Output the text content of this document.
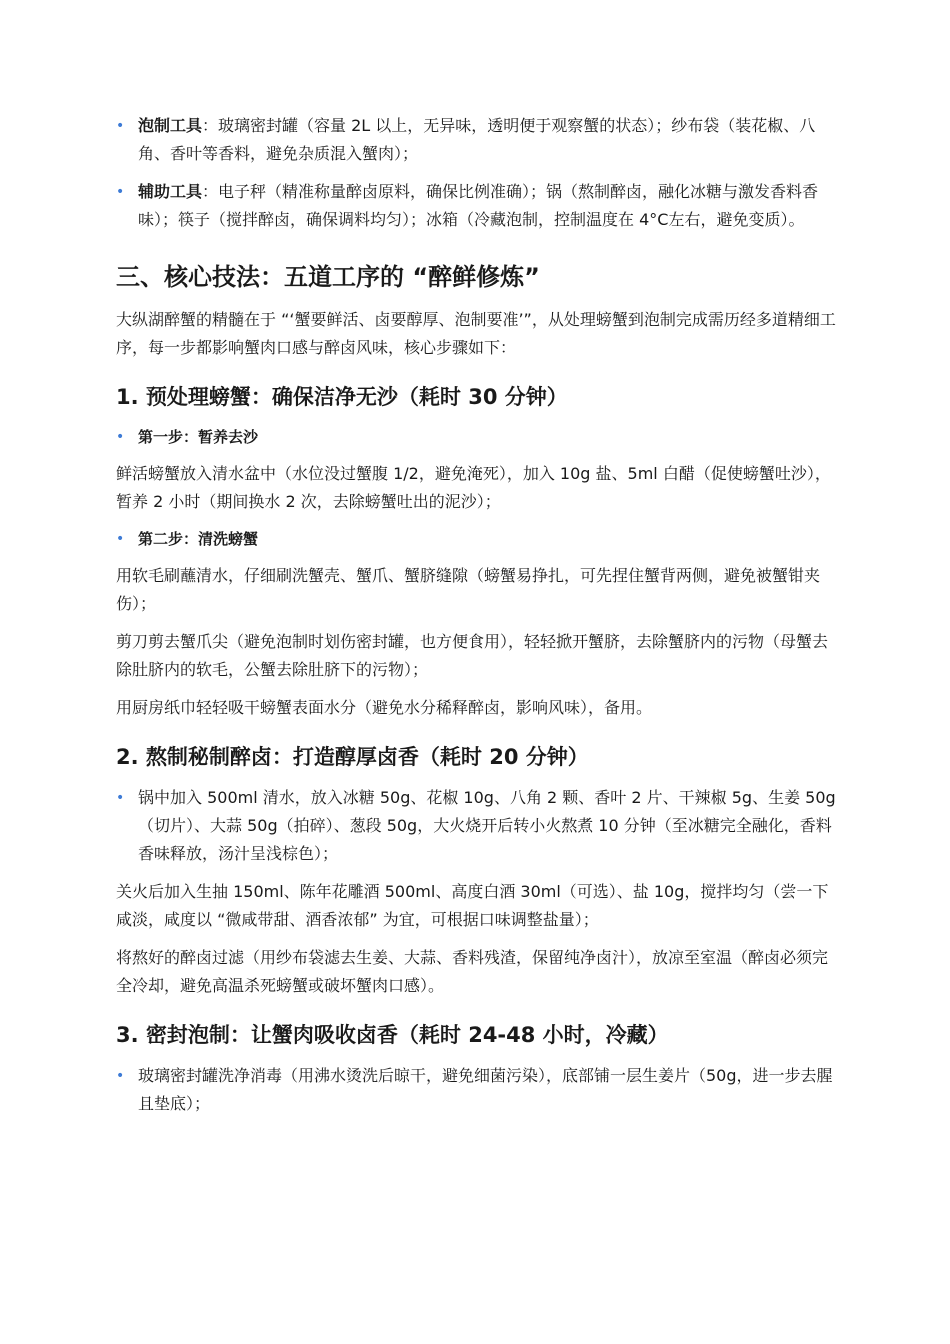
• 泡制工具：玻璃密封罐（容量 2L 以上，无异味，透明便于观察蟹的状态）；纱布袋（装花椒、八角、香叶等香料，避免杂质混入蟹肉）；
• 辅助工具：电子秤（精准称量醉卤原料，确保比例准确）；锅（熬制醉卤，融化冰糖与激发香料香味）；筷子（搅拌醉卤，确保调料均匀）；冰箱（冷藏泡制，控制温度在 4°C左右，避免变质）。
三、核心技法：五道工序的 “醉鲜修炼”

大纵湖醉蟹的精髓在于 “‘蟹要鲜活、卤要醇厚、泡制要准’”，从处理螃蟹到泡制完成需历经多道精细工序，每一步都影响蟹肉口感与醉卤风味，核心步骤如下：

1. 预处理螃蟹：确保洁净无沙（耗时 30 分钟）
• 第一步：暂养去沙

鲜活螃蟹放入清水盆中（水位没过蟹腹 1/2，避免淹死），加入 10g 盐、5ml 白醋（促使螃蟹吐沙），暂养 2 小时（期间换水 2 次，去除螃蟹吐出的泥沙）；

• 第二步：清洗螃蟹

用软毛刷蘸清水，仔细刷洗蟹壳、蟹爪、蟹脐缝隙（螃蟹易挣扎，可先捏住蟹背两侧，避免被蟹钳夹伤）；

剪刀剪去蟹爪尖（避免泡制时划伤密封罐，也方便食用），轻轻掀开蟹脐，去除蟹脐内的污物（母蟹去除肚脐内的软毛，公蟹去除肚脐下的污物）；

用厨房纸巾轻轻吸干螃蟹表面水分（避免水分稀释醉卤，影响风味），备用。

2. 熬制秘制醉卤：打造醇厚卤香（耗时 20 分钟）
• 锅中加入 500ml 清水，放入冰糖 50g、花椒 10g、八角 2 颗、香叶 2 片、干辣椒 5g、生姜 50g（切片）、大蒜 50g（拍碎）、葱段 50g，大火烧开后转小火熬煮 10 分钟（至冰糖完全融化，香料香味释放，汤汁呈浅棕色）；

关火后加入生抽 150ml、陈年花雕酒 500ml、高度白酒 30ml（可选）、盐 10g，搅拌均匀（尝一下咸淡，咸度以 “微咸带甜、酒香浓郁” 为宜，可根据口味调整盐量）；

将熬好的醉卤过滤（用纱布袋滤去生姜、大蒜、香料残渣，保留纯净卤汁），放凉至室温（醉卤必须完全冷却，避免高温杀死螃蟹或破坏蟹肉口感）。

3. 密封泡制：让蟹肉吸收卤香（耗时 24-48 小时，冷藏）
• 玻璃密封罐洗净消毒（用沸水烫洗后晾干，避免细菌污染），底部铺一层生姜片（50g，进一步去腥且垫底）；
